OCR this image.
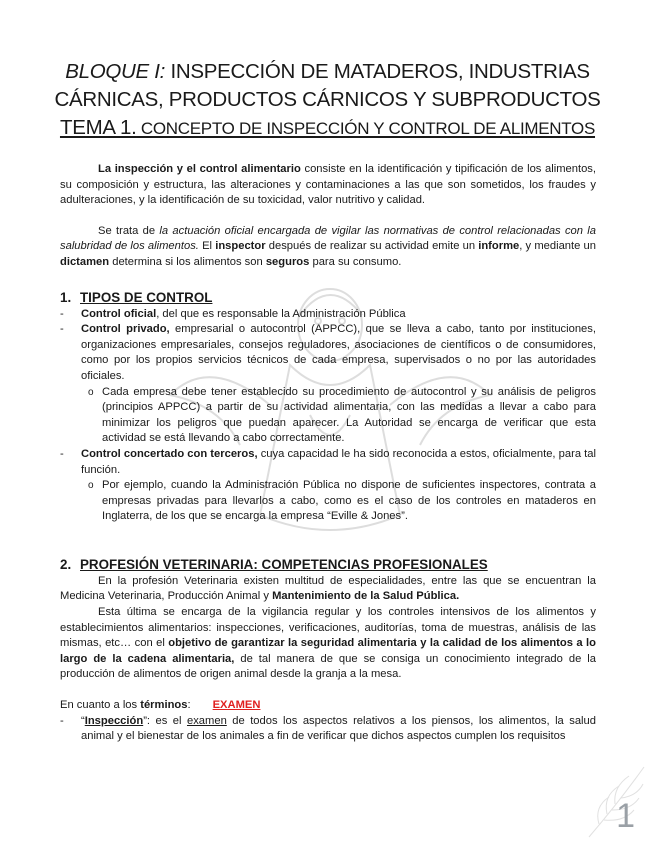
BLOQUE I: INSPECCIÓN DE MATADEROS, INDUSTRIAS
CÁRNICAS, PRODUCTOS CÁRNICOS Y SUBPRODUCTOS
TEMA 1. CONCEPTO DE INSPECCIÓN Y CONTROL DE ALIMENTOS

La inspección y el control alimentario consiste en la identificación y tipificación de los alimentos, su composición y estructura, las alteraciones y contaminaciones a las que son sometidos, los fraudes y adulteraciones, y la identificación de su toxicidad, valor nutritivo y calidad.

Se trata de la actuación oficial encargada de vigilar las normativas de control relacionadas con la salubridad de los alimentos. El inspector después de realizar su actividad emite un informe, y mediante un dictamen determina si los alimentos son seguros para su consumo.

1. TIPOS DE CONTROL
- Control oficial, del que es responsable la Administración Pública
- Control privado, empresarial o autocontrol (APPCC), que se lleva a cabo, tanto por instituciones, organizaciones empresariales, consejos reguladores, asociaciones de científicos o de consumidores, como por los propios servicios técnicos de cada empresa, supervisados o no por las autoridades oficiales.
o Cada empresa debe tener establecido su procedimiento de autocontrol y su análisis de peligros (principios APPCC) a partir de su actividad alimentaria, con las medidas a llevar a cabo para minimizar los peligros que puedan aparecer. La Autoridad se encarga de verificar que esta actividad se está llevando a cabo correctamente.
- Control concertado con terceros, cuya capacidad le ha sido reconocida a estos, oficialmente, para tal función.
o Por ejemplo, cuando la Administración Pública no dispone de suficientes inspectores, contrata a empresas privadas para llevarlos a cabo, como es el caso de los controles en mataderos en Inglaterra, de los que se encarga la empresa “Eville & Jones”.
2. PROFESIÓN VETERINARIA: COMPETENCIAS PROFESIONALES

En la profesión Veterinaria existen multitud de especialidades, entre las que se encuentran la Medicina Veterinaria, Producción Animal y Mantenimiento de la Salud Pública.

Esta última se encarga de la vigilancia regular y los controles intensivos de los alimentos y establecimientos alimentarios: inspecciones, verificaciones, auditorías, toma de muestras, análisis de las mismas, etc… con el objetivo de garantizar la seguridad alimentaria y la calidad de los alimentos a lo largo de la cadena alimentaria, de tal manera de que se consiga un conocimiento integrado de la producción de alimentos de origen animal desde la granja a la mesa.

En cuanto a los términos: EXAMEN

- “Inspección”: es el examen de todos los aspectos relativos a los piensos, los alimentos, la salud animal y el bienestar de los animales a fin de verificar que dichos aspectos cumplen los requisitos
1
